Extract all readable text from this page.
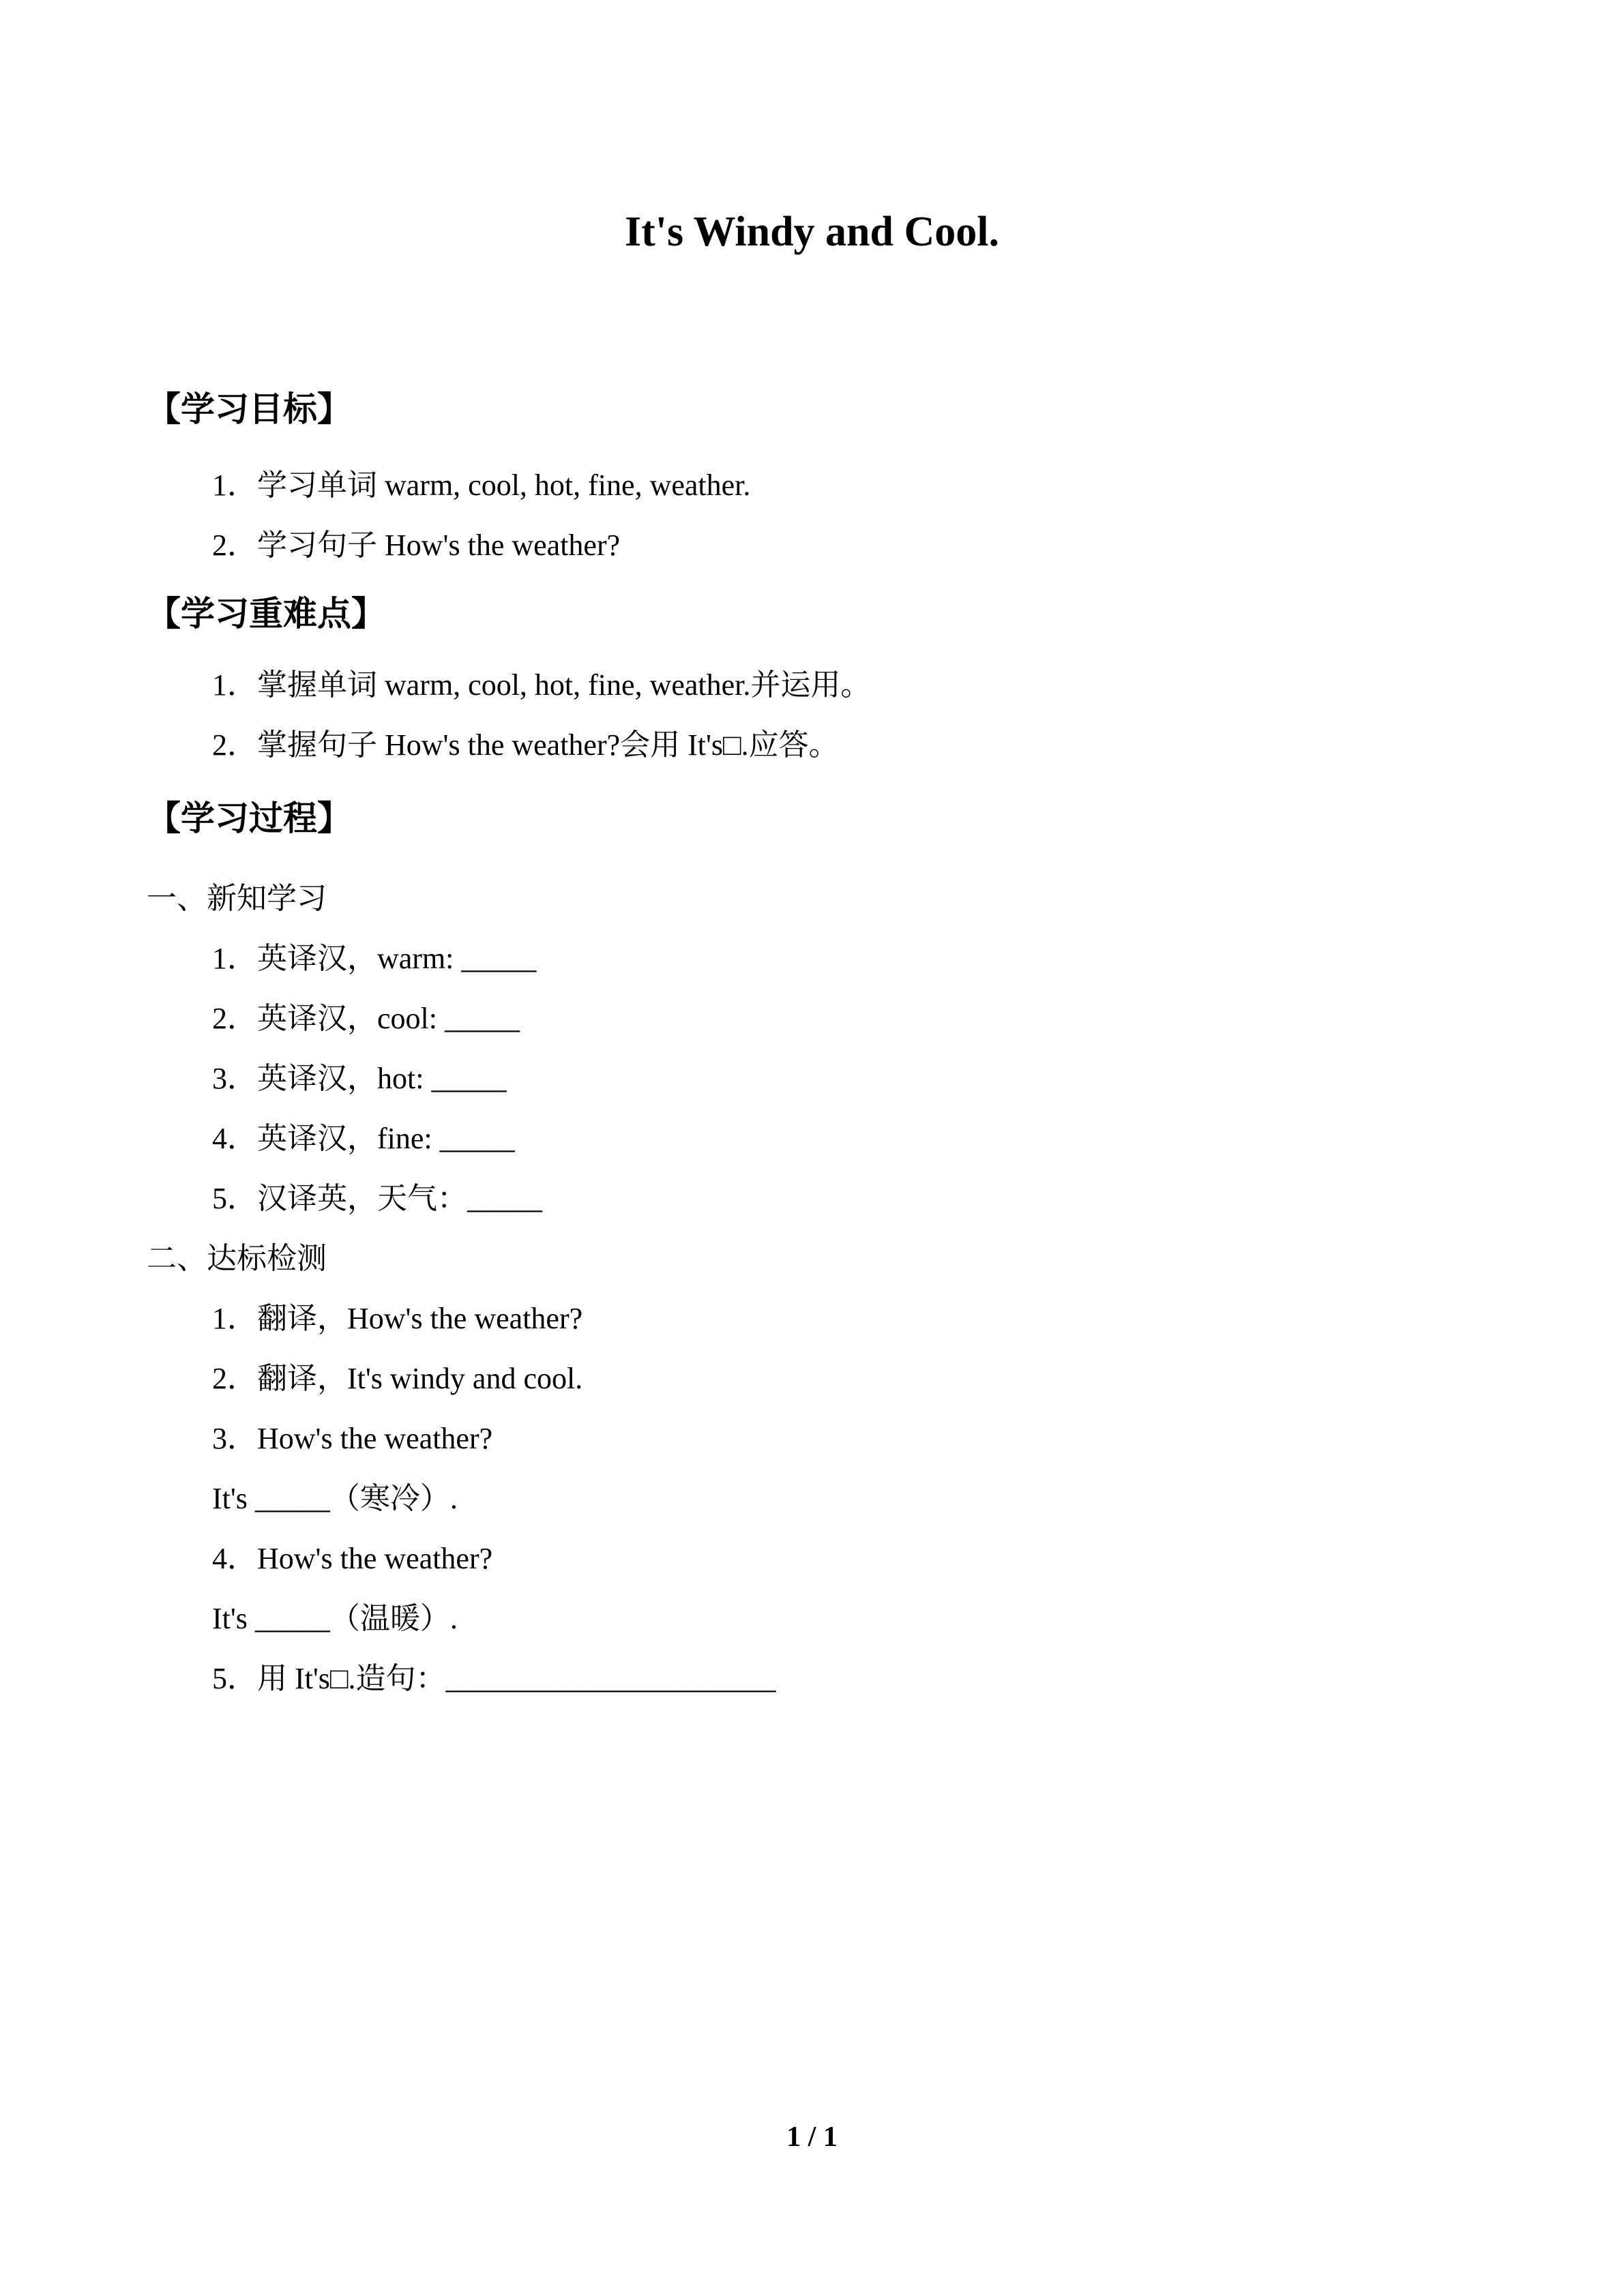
It's Windy and Cool.
【学习目标】

1．学习单词 warm, cool, hot, fine, weather.

2．学习句子 How's the weather?

【学习重难点】

1．掌握单词 warm, cool, hot, fine, weather.并运用。

2．掌握句子 How's the weather?会用 It's□.应答。

【学习过程】

一、新知学习

1．英译汉，warm: _____

2．英译汉，cool: _____

3．英译汉，hot: _____

4．英译汉，fine: _____

5．汉译英，天气：_____

二、达标检测

1．翻译，How's the weather?

2．翻译，It's windy and cool.

3．How's the weather?

It's _____（寒冷）.

4．How's the weather?

It's _____（温暖）.

5．用 It's□.造句：______________________

1 / 1
